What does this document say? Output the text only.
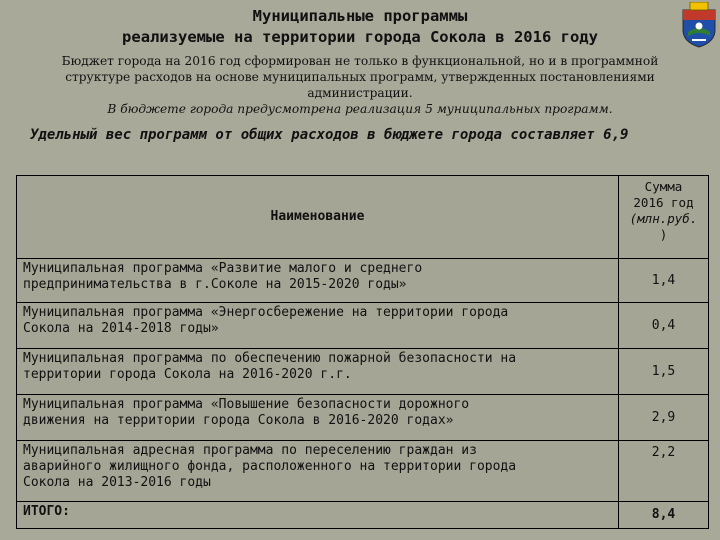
Муниципальные программы
реализуемые на территории города Сокола в 2016 году
Бюджет города на 2016 год сформирован не только в функциональной, но и в программной
структуре расходов на основе муниципальных программ, утвержденных постановлениями
администрации.
В бюджете города предусмотрена реализация 5 муниципальных программ.
Удельный вес программ от общих расходов в бюджете города составляет 6,9
Наименование	Сумма
2016 год
(млн.руб.
)

Муниципальная программа «Развитие малого и среднего
предпринимательства в г.Соколе на 2015-2020 годы»	1,4

Муниципальная программа «Энергосбережение на территории города
Сокола на 2014-2018 годы»	0,4

Муниципальная программа по обеспечению пожарной безопасности на
территории города Сокола на 2016-2020 г.г.	1,5

Муниципальная программа «Повышение безопасности дорожного
движения на территории города Сокола в 2016-2020 годах»	2,9

Муниципальная адресная программа по переселению граждан из
аварийного жилищного фонда, расположенного на территории города
Сокола на 2013-2016 годы	2,2
ИТОГО:	8,4
